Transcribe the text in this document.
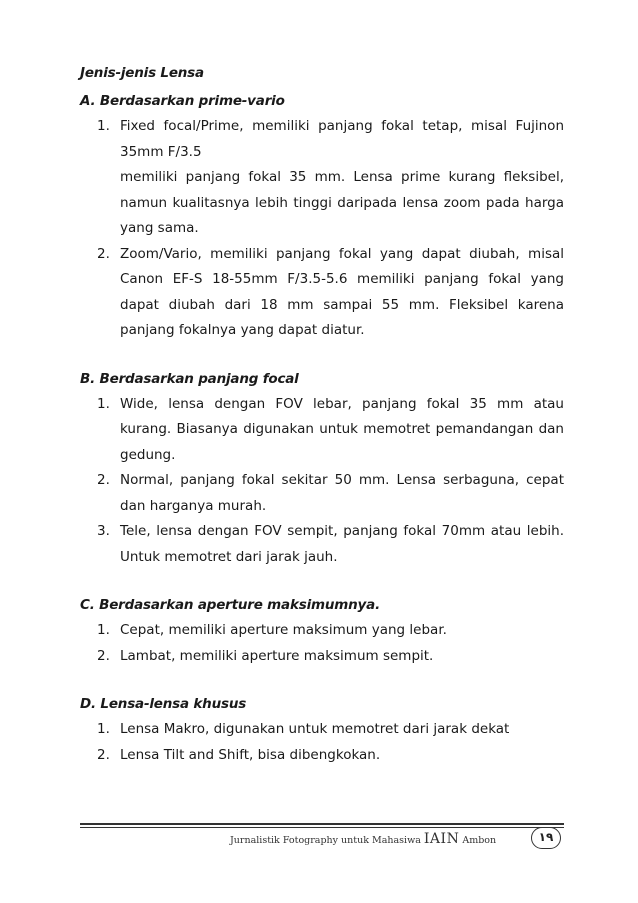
Jenis-jenis Lensa
A. Berdasarkan prime-vario
1. Fixed focal/Prime, memiliki panjang fokal tetap, misal Fujinon 35mm F/3.5
memiliki panjang fokal 35 mm. Lensa prime kurang fleksibel, namun kualitasnya lebih tinggi daripada lensa zoom pada harga yang sama.
2. Zoom/Vario, memiliki panjang fokal yang dapat diubah, misal Canon EF-S 18-55mm F/3.5-5.6 memiliki panjang fokal yang dapat diubah dari 18 mm sampai 55 mm. Fleksibel karena panjang fokalnya yang dapat diatur.
B. Berdasarkan panjang focal
1. Wide, lensa dengan FOV lebar, panjang fokal 35 mm atau kurang. Biasanya digunakan untuk memotret pemandangan dan gedung.
2. Normal, panjang fokal sekitar 50 mm. Lensa serbaguna, cepat dan harganya murah.
3. Tele, lensa dengan FOV sempit, panjang fokal 70mm atau lebih. Untuk memotret dari jarak jauh.
C. Berdasarkan aperture maksimumnya.
1. Cepat, memiliki aperture maksimum yang lebar.
2. Lambat, memiliki aperture maksimum sempit.
D. Lensa-lensa khusus
1. Lensa Makro, digunakan untuk memotret dari jarak dekat
2. Lensa Tilt and Shift, bisa dibengkokan.
Jurnalistik Fotography untuk Mahasiwa IAIN Ambon	١٩
